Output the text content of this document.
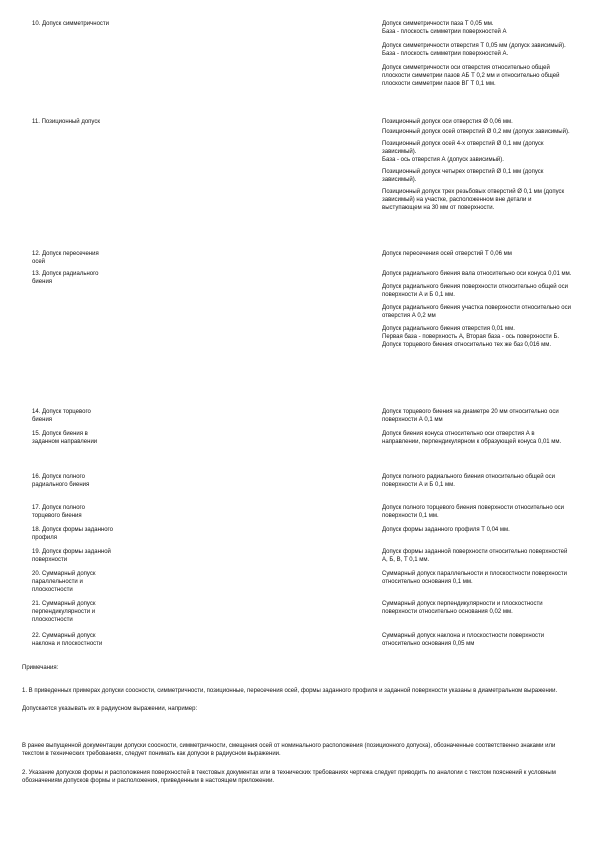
10. Допуск симметричности	Допуск симметричности паза Т 0,05 мм.
База - плоскость симметрии поверхностей А

Допуск симметричности отверстия Т 0,05 мм (допуск зависимый).
База - плоскость симметрии поверхностей А.

Допуск симметричности оси отверстия относительно общей плоскости симметрии пазов АБ Т 0,2 мм и относительно общей плоскости симметрии пазов ВГ Т 0,1 мм.

11. Позиционный допуск	Позиционный допуск оси отверстия Ø 0,06 мм.

Позиционный допуск осей отверстий Ø 0,2 мм (допуск зависимый).

Позиционный допуск осей 4-х отверстий Ø 0,1 мм (допуск зависимый).
База - ось отверстия А (допуск зависимый).

Позиционный допуск четырех отверстий Ø 0,1 мм (допуск зависимый).

Позиционный допуск трех резьбовых отверстий Ø 0,1 мм (допуск зависимый) на участке, расположенном вне детали и выступающем на 30 мм от поверхности.

12. Допуск пересечения
осей

Допуск пересечения осей отверстий Т 0,06 мм

13. Допуск радиального
биения

Допуск радиального биения вала относительно оси конуса 0,01 мм.

Допуск радиального биения поверхности относительно общей оси поверхности А и Б 0,1 мм.

Допуск радиального биения участка поверхности относительно оси отверстия А 0,2 мм

Допуск радиального биения отверстия 0,01 мм.
Первая база - поверхность А, Вторая база - ось поверхности Б.
Допуск торцевого биения относительно тех же баз 0,016 мм.

14. Допуск торцевого
биения

Допуск торцевого биения на диаметре 20 мм относительно оси поверхности А 0,1 мм

15. Допуск биения в
заданном направлении

Допуск биения конуса относительно оси отверстия А в направлении, перпендикулярном к образующей конуса 0,01 мм.

16. Допуск полного
радиального биения

Допуск полного радиального биения относительно общей оси поверхности А и Б 0,1 мм.

17. Допуск полного
торцевого биения

Допуск полного торцевого биения поверхности относительно оси поверхности 0,1 мм.

18. Допуск формы заданного
профиля

Допуск формы заданного профиля Т 0,04 мм.

19. Допуск формы заданной
поверхности

Допуск формы заданной поверхности относительно поверхностей А, Б, В, Т 0,1 мм.

20. Суммарный допуск
параллельности и
плоскостности

Суммарный допуск параллельности и плоскостности поверхности относительно основания 0,1 мм.

21. Суммарный допуск
перпендикулярности и
плоскостности

Суммарный допуск перпендикулярности и плоскостности поверхности относительно основания 0,02 мм.

22. Суммарный допуск
наклона и плоскостности

Суммарный допуск наклона и плоскостности поверхности относительно основания 0,05 мм

Примечания:

1. В приведенных примерах допуски соосности, симметричности, позиционные, пересечения осей, формы заданного профиля и заданной поверхности указаны в диаметральном выражении.

Допускается указывать их в радиусном выражении, например:

В ранее выпущенной документации допуски соосности, симметричности, смещения осей от номинального расположения (позиционного допуска), обозначенные соответственно знаками или текстом в технических требованиях, следует понимать как допуски в радиусном выражении.

2. Указание допусков формы и расположения поверхностей в текстовых документах или в технических требованиях чертежа следует приводить по аналогии с текстом пояснений к условным обозначениям допусков формы и расположения, приведенным в настоящем приложении.
